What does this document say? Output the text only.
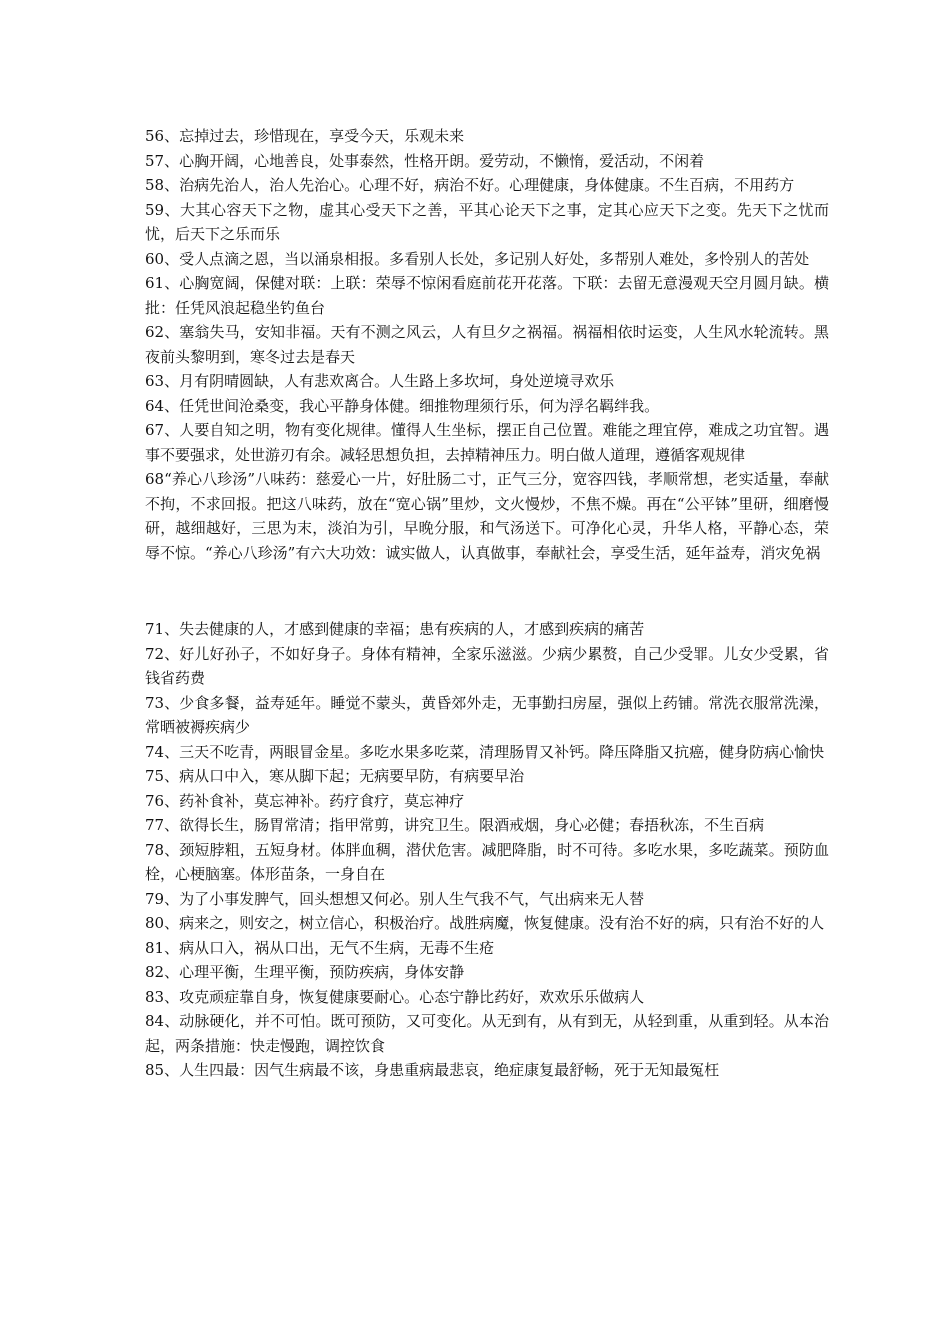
56、忘掉过去，珍惜现在，享受今天，乐观未来

57、心胸开阔，心地善良，处事泰然，性格开朗。爱劳动，不懒惰，爱活动，不闲着

58、治病先治人，治人先治心。心理不好，病治不好。心理健康，身体健康。不生百病，不用药方

59、大其心容天下之物，虚其心受天下之善，平其心论天下之事，定其心应天下之变。先天下之忧而忧，后天下之乐而乐

60、受人点滴之恩，当以涌泉相报。多看别人长处，多记别人好处，多帮别人难处，多怜别人的苦处

61、心胸宽阔，保健对联：上联：荣辱不惊闲看庭前花开花落。下联：去留无意漫观天空月圆月缺。横批：任凭风浪起稳坐钓鱼台

62、塞翁失马，安知非福。天有不测之风云，人有旦夕之祸福。祸福相依时运变，人生风水轮流转。黑夜前头黎明到，寒冬过去是春天

63、月有阴晴圆缺，人有悲欢离合。人生路上多坎坷，身处逆境寻欢乐

64、任凭世间沧桑变，我心平静身体健。细推物理须行乐，何为浮名羁绊我。

67、人要自知之明，物有变化规律。懂得人生坐标，摆正自己位置。难能之理宜停，难成之功宜智。遇事不要强求，处世游刃有余。减轻思想负担，去掉精神压力。明白做人道理，遵循客观规律

68“养心八珍汤”八味药：慈爱心一片，好肚肠二寸，正气三分，宽容四钱，孝顺常想，老实适量，奉献不拘，不求回报。把这八味药，放在“宽心锅”里炒，文火慢炒，不焦不燥。再在“公平钵”里研，细磨慢研，越细越好，三思为末，淡泊为引，早晚分服，和气汤送下。可净化心灵，升华人格，平静心态，荣辱不惊。“养心八珍汤”有六大功效：诚实做人，认真做事，奉献社会，享受生活，延年益寿，消灾免祸

71、失去健康的人，才感到健康的幸福；患有疾病的人，才感到疾病的痛苦

72、好儿好孙子，不如好身子。身体有精神，全家乐滋滋。少病少累赘，自己少受罪。儿女少受累，省钱省药费

73、少食多餐，益寿延年。睡觉不蒙头，黄昏郊外走，无事勤扫房屋，强似上药铺。常洗衣服常洗澡，常晒被褥疾病少

74、三天不吃青，两眼冒金星。多吃水果多吃菜，清理肠胃又补钙。降压降脂又抗癌，健身防病心愉快

75、病从口中入，寒从脚下起；无病要早防，有病要早治

76、药补食补，莫忘神补。药疗食疗，莫忘神疗

77、欲得长生，肠胃常清；指甲常剪，讲究卫生。限酒戒烟，身心必健；春捂秋冻，不生百病

78、颈短脖粗，五短身材。体胖血稠，潜伏危害。减肥降脂，时不可待。多吃水果，多吃蔬菜。预防血栓，心梗脑塞。体形苗条，一身自在

79、为了小事发脾气，回头想想又何必。别人生气我不气，气出病来无人替

80、病来之，则安之，树立信心，积极治疗。战胜病魔，恢复健康。没有治不好的病，只有治不好的人

81、病从口入，祸从口出，无气不生病，无毒不生疮

82、心理平衡，生理平衡，预防疾病，身体安静

83、攻克顽症靠自身，恢复健康要耐心。心态宁静比药好，欢欢乐乐做病人

84、动脉硬化，并不可怕。既可预防，又可变化。从无到有，从有到无，从轻到重，从重到轻。从本治起，两条措施：快走慢跑，调控饮食

85、人生四最：因气生病最不该，身患重病最悲哀，绝症康复最舒畅，死于无知最冤枉
